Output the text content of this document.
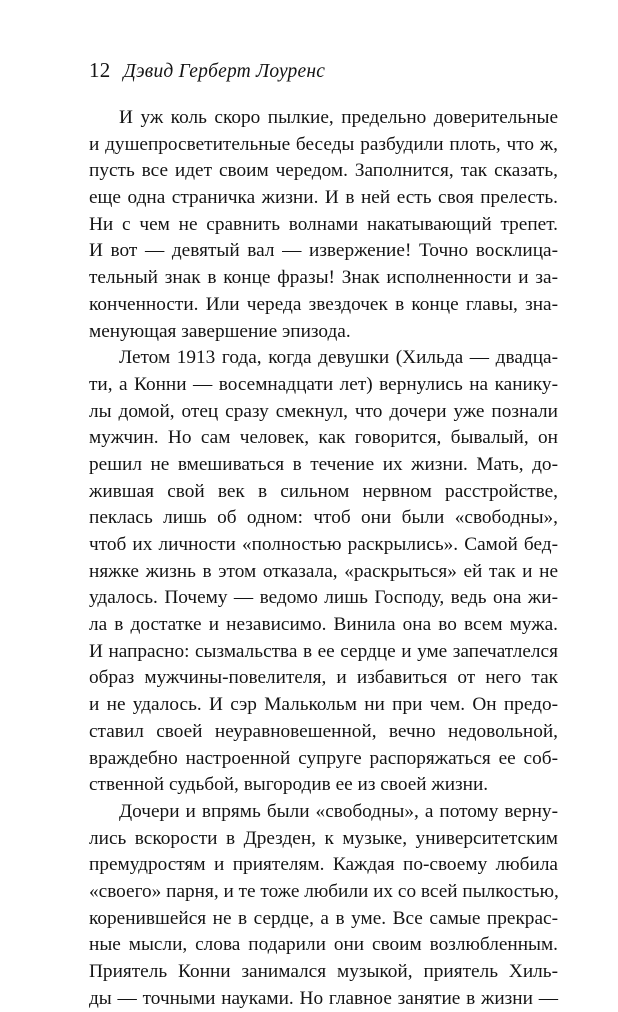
12 Дэвид Герберт Лоуренс
И уж коль скоро пылкие, предельно доверительные
и душепросветительные беседы разбудили плоть, что ж,
пусть все идет своим чередом. Заполнится, так сказать,
еще одна страничка жизни. И в ней есть своя прелесть.
Ни с чем не сравнить волнами накатывающий трепет.
И вот — девятый вал — извержение! Точно восклица-
тельный знак в конце фразы! Знак исполненности и за-
конченности. Или череда звездочек в конце главы, зна-
менующая завершение эпизода.
Летом 1913 года, когда девушки (Хильда — двадца-
ти, а Конни — восемнадцати лет) вернулись на канику-
лы домой, отец сразу смекнул, что дочери уже познали
мужчин. Но сам человек, как говорится, бывалый, он
решил не вмешиваться в течение их жизни. Мать, до-
жившая свой век в сильном нервном расстройстве,
пеклась лишь об одном: чтоб они были «свободны»,
чтоб их личности «полностью раскрылись». Самой бед-
няжке жизнь в этом отказала, «раскрыться» ей так и не
удалось. Почему — ведомо лишь Господу, ведь она жи-
ла в достатке и независимо. Винила она во всем мужа.
И напрасно: сызмальства в ее сердце и уме запечатлелся
образ мужчины-повелителя, и избавиться от него так
и не удалось. И сэр Малькольм ни при чем. Он предо-
ставил своей неуравновешенной, вечно недовольной,
враждебно настроенной супруге распоряжаться ее соб-
ственной судьбой, выгородив ее из своей жизни.
Дочери и впрямь были «свободны», а потому верну-
лись вскорости в Дрезден, к музыке, университетским
премудростям и приятелям. Каждая по-своему любила
«своего» парня, и те тоже любили их со всей пылкостью,
коренившейся не в сердце, а в уме. Все самые прекрас-
ные мысли, слова подарили они своим возлюбленным.
Приятель Конни занимался музыкой, приятель Хиль-
ды — точными науками. Но главное занятие в жизни —
